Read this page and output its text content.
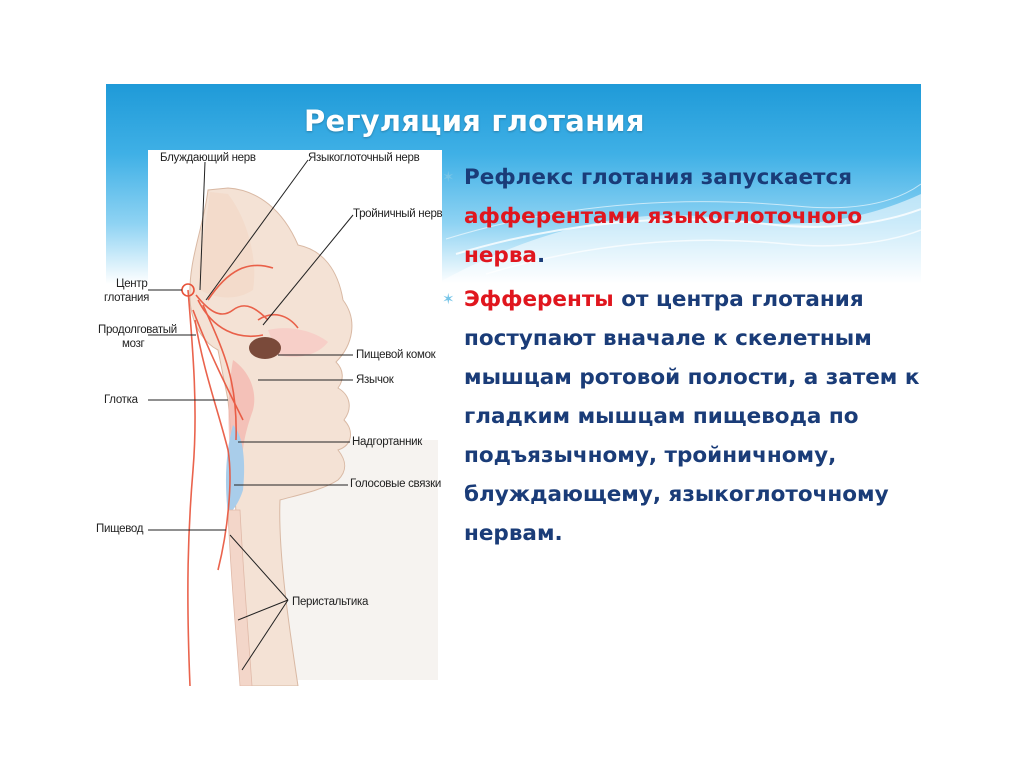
Регуляция глотания
Блуждающий нерв	Языкоглоточный нерв
Тройничный нерв
Центр
глотания
Продолговатый
мозг
Пищевой комок
Язычок
Глотка
Надгортанник
Голосовые связки
Пищевод
Перистальтика
✶ Рефлекс глотания запускается афферентами языкоглоточного нерва.
✶ Эфференты от центра глотания поступают вначале к скелетным мышцам ротовой полости, а затем к гладким мышцам пищевода по подъязычному, тройничному, блуждающему, языкоглоточному нервам.
